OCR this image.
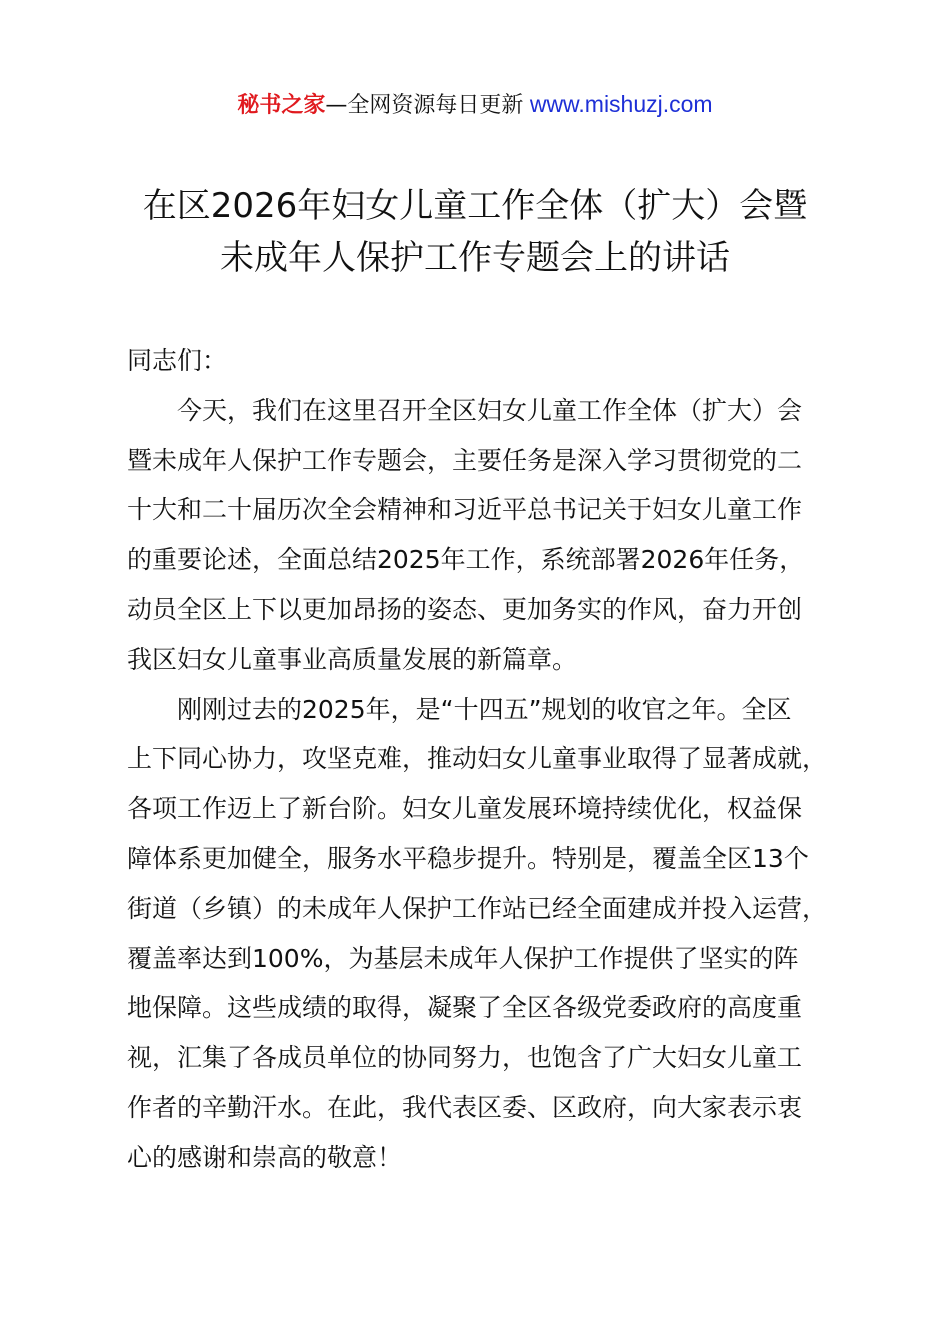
秘书之家—全网资源每日更新 www.mishuzj.com
在区2026年妇女儿童工作全体（扩大）会暨
未成年人保护工作专题会上的讲话
同志们：
今天，我们在这里召开全区妇女儿童工作全体（扩大）会
暨未成年人保护工作专题会，主要任务是深入学习贯彻党的二
十大和二十届历次全会精神和习近平总书记关于妇女儿童工作
的重要论述，全面总结2025年工作，系统部署2026年任务，
动员全区上下以更加昂扬的姿态、更加务实的作风，奋力开创
我区妇女儿童事业高质量发展的新篇章。
刚刚过去的2025年，是“十四五”规划的收官之年。全区
上下同心协力，攻坚克难，推动妇女儿童事业取得了显著成就，
各项工作迈上了新台阶。妇女儿童发展环境持续优化，权益保
障体系更加健全，服务水平稳步提升。特别是，覆盖全区13个
街道（乡镇）的未成年人保护工作站已经全面建成并投入运营，
覆盖率达到100%，为基层未成年人保护工作提供了坚实的阵
地保障。这些成绩的取得，凝聚了全区各级党委政府的高度重
视，汇集了各成员单位的协同努力，也饱含了广大妇女儿童工
作者的辛勤汗水。在此，我代表区委、区政府，向大家表示衷
心的感谢和崇高的敬意！
